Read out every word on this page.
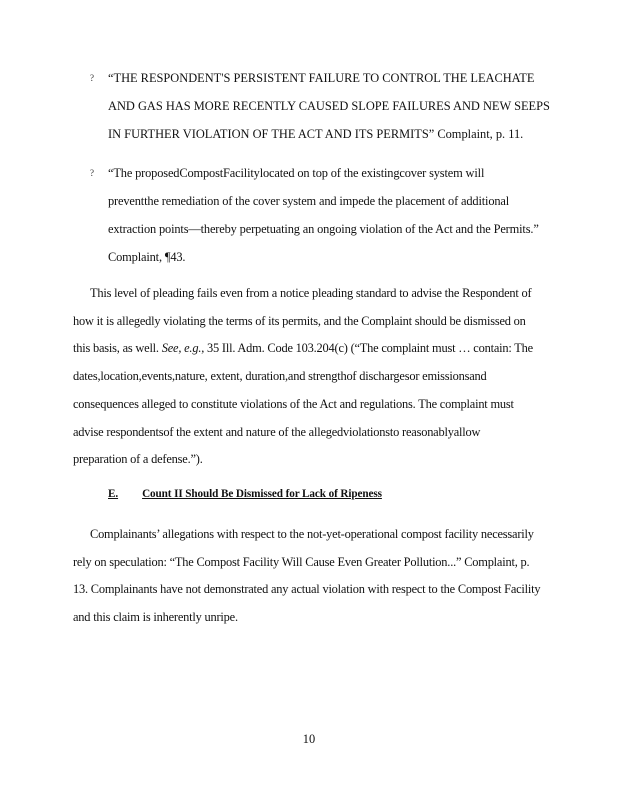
? “THE RESPONDENT'S PERSISTENT FAILURE TO CONTROL THE LEACHATE
AND GAS HAS MORE RECENTLY CAUSED SLOPE FAILURES AND NEW SEEPS
IN FURTHER VIOLATION OF THE ACT AND ITS PERMITS” Complaint, p. 11.
? “The proposedCompostFacilitylocated on top of the existingcover system will
preventthe remediation of the cover system and impede the placement of additional
extraction points—thereby perpetuating an ongoing violation of the Act and the Permits.”
Complaint, ¶43.
This level of pleading fails even from a notice pleading standard to advise the Respondent of
how it is allegedly violating the terms of its permits, and the Complaint should be dismissed on
this basis, as well. See, e.g., 35 Ill. Adm. Code 103.204(c) (“The complaint must … contain: The
dates,location,events,nature, extent, duration,and strengthof dischargesor emissionsand
consequences alleged to constitute violations of the Act and regulations. The complaint must
advise respondentsof the extent and nature of the allegedviolationsto reasonablyallow
preparation of a defense.”).
E. Count II Should Be Dismissed for Lack of Ripeness
Complainants’ allegations with respect to the not-yet-operational compost facility necessarily
rely on speculation: “The Compost Facility Will Cause Even Greater Pollution...” Complaint, p.
13. Complainants have not demonstrated any actual violation with respect to the Compost Facility
and this claim is inherently unripe.
10
